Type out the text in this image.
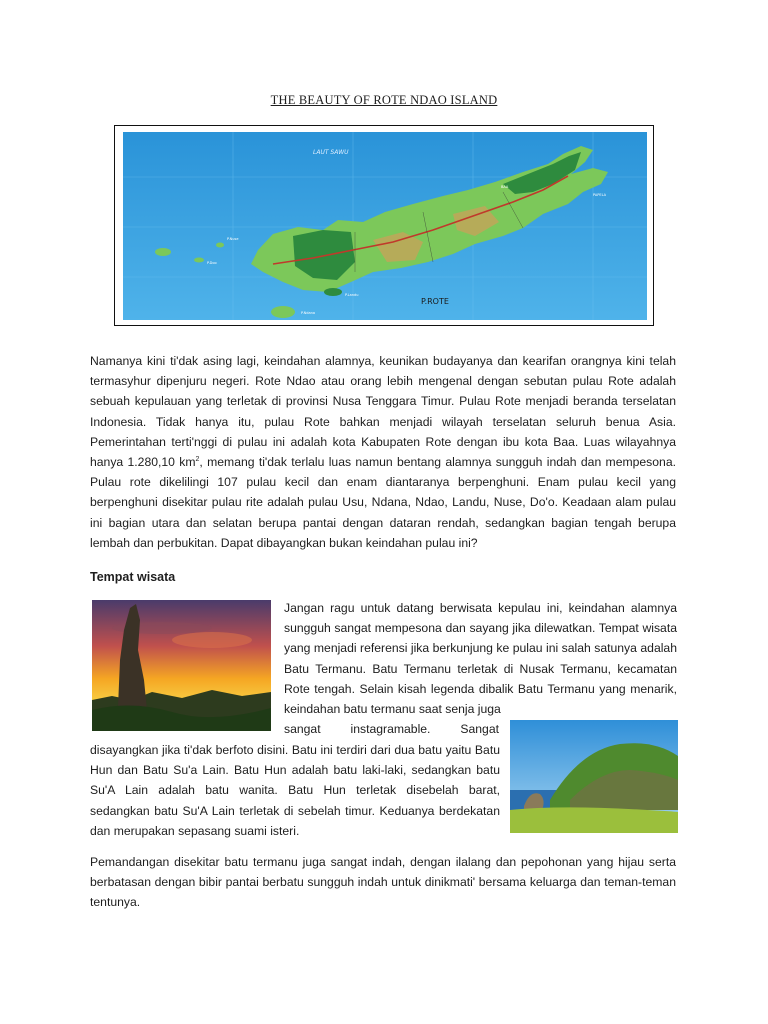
THE BEAUTY OF ROTE NDAO ISLAND
LAUT SAWU
P.ROTE
P.Nuse
P.Doo
P.Landu
P.Ndana
BAA
PAPELA

Namanya kini ti'dak asing lagi, keindahan alamnya, keunikan budayanya dan kearifan orangnya kini telah termasyhur dipenjuru negeri. Rote Ndao atau orang lebih mengenal dengan sebutan pulau Rote adalah sebuah kepulauan yang terletak di provinsi Nusa Tenggara Timur. Pulau Rote menjadi beranda terselatan Indonesia. Tidak hanya itu, pulau Rote bahkan menjadi wilayah terselatan seluruh benua Asia. Pemerintahan terti'nggi di pulau ini adalah kota Kabupaten Rote dengan ibu kota Baa. Luas wilayahnya hanya 1.280,10 $km^2$, memang ti'dak terlalu luas namun bentang alamnya sungguh indah dan mempesona. Pulau rote dikelilingi 107 pulau kecil dan enam diantaranya berpenghuni. Enam pulau kecil yang berpenghuni disekitar pulau rite adalah pulau Usu, Ndana, Ndao, Landu, Nuse, Do'o. Keadaan alam pulau ini bagian utara dan selatan berupa pantai dengan dataran rendah, sedangkan bagian tengah berupa lembah dan perbukitan. Dapat dibayangkan bukan keindahan pulau ini?

Tempat wisata

Jangan ragu untuk datang berwisata kepulau ini, keindahan alamnya sungguh sangat mempesona dan sayang jika dilewatkan. Tempat wisata yang menjadi referensi jika berkunjung ke pulau ini salah satunya adalah Batu Termanu. Batu Termanu terletak di Nusak Termanu, kecamatan Rote tengah. Selain kisah legenda dibalik Batu Termanu yang menarik, keindahan batu termanu saat senja juga

sangat instagramable. Sangat

disayangkan jika ti'dak berfoto disini. Batu ini terdiri dari dua batu yaitu Batu Hun dan Batu Su'a Lain. Batu Hun adalah batu laki-laki, sedangkan batu Su'A Lain adalah batu wanita. Batu Hun terletak disebelah barat, sedangkan batu Su'A Lain terletak di sebelah timur. Keduanya berdekatan dan merupakan sepasang suami isteri.

Pemandangan disekitar batu termanu juga sangat indah, dengan ilalang dan pepohonan yang hijau serta berbatasan dengan bibir pantai berbatu sungguh indah untuk dinikmati' bersama keluarga dan teman-teman tentunya.
